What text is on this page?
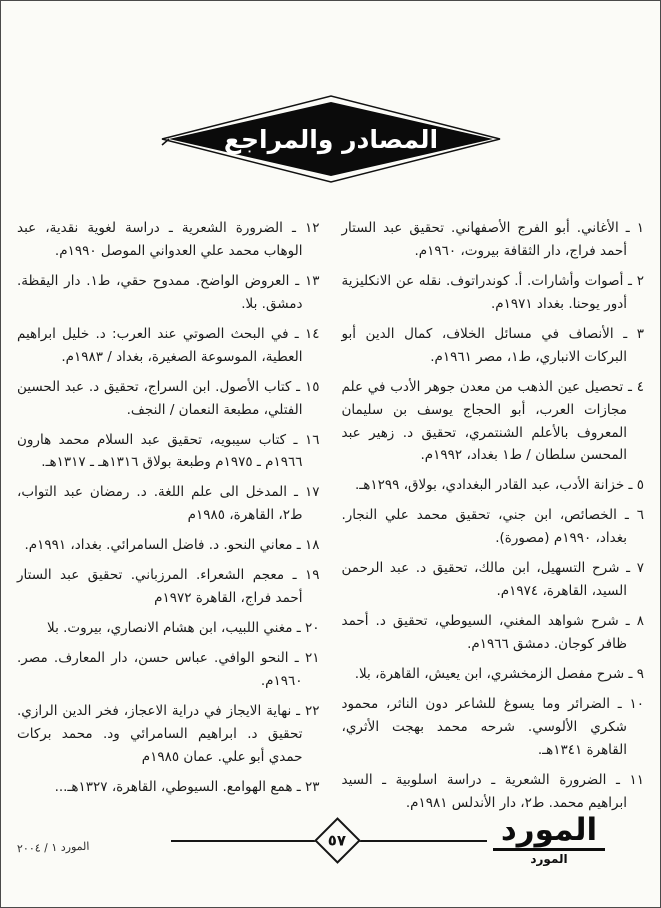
المصادر والمراجع

١ ـ الأغاني. أبو الفرج الأصفهاني. تحقيق عبد الستار أحمد فراج، دار الثقافة بيروت، ١٩٦٠م.

٢ ـ أصوات وأشارات. أ. كوندراتوف. نقله عن الانكليزية أدور يوحنا. بغداد ١٩٧١م.

٣ ـ الأنصاف في مسائل الخلاف، كمال الدين أبو البركات الانباري، ط١، مصر ١٩٦١م.

٤ ـ تحصيل عين الذهب من معدن جوهر الأدب في علم مجازات العرب، أبو الحجاج يوسف بن سليمان المعروف بالأعلم الشنتمري، تحقيق د. زهير عبد المحسن سلطان / ط١ بغداد، ١٩٩٢م.

٥ ـ خزانة الأدب، عبد القادر البغدادي، بولاق، ١٢٩٩هـ.

٦ ـ الخصائص، ابن جني، تحقيق محمد علي النجار. بغداد، ١٩٩٠م (مصورة).

٧ ـ شرح التسهيل، ابن مالك، تحقيق د. عبد الرحمن السيد، القاهرة، ١٩٧٤م.

٨ ـ شرح شواهد المغني، السيوطي، تحقيق د. أحمد ظافر كوجان. دمشق ١٩٦٦م.

٩ ـ شرح مفصل الزمخشري، ابن يعيش، القاهرة، بلا.

١٠ ـ الضرائر وما يسوغ للشاعر دون الناثر، محمود شكري الألوسي. شرحه محمد بهجت الأثري، القاهرة ١٣٤١هـ.

١١ ـ الضرورة الشعرية ـ دراسة اسلوبية ـ السيد ابراهيم محمد. ط٢، دار الأندلس ١٩٨١م.

١٢ ـ الضرورة الشعرية ـ دراسة لغوية نقدية، عبد الوهاب محمد علي العدواني الموصل ١٩٩٠م.

١٣ ـ العروض الواضح. ممدوح حقي، ط١. دار اليقظة. دمشق. بلا.

١٤ ـ في البحث الصوتي عند العرب: د. خليل ابراهيم العطية، الموسوعة الصغيرة، بغداد / ١٩٨٣م.

١٥ ـ كتاب الأصول. ابن السراج، تحقيق د. عبد الحسين الفتلي، مطبعة النعمان / النجف.

١٦ ـ كتاب سيبويه، تحقيق عبد السلام محمد هارون ١٩٦٦م ـ ١٩٧٥م وطبعة بولاق ١٣١٦هـ ـ ١٣١٧هـ.

١٧ ـ المدخل الى علم اللغة. د. رمضان عبد التواب، ط٢، القاهرة، ١٩٨٥م

١٨ ـ معاني النحو. د. فاضل السامرائي. بغداد، ١٩٩١م.

١٩ ـ معجم الشعراء. المرزباني. تحقيق عبد الستار أحمد فراج، القاهرة ١٩٧٢م

٢٠ ـ مغني اللبيب، ابن هشام الانصاري، بيروت. بلا

٢١ ـ النحو الوافي. عباس حسن، دار المعارف. مصر. ١٩٦٠م.

٢٢ ـ نهاية الايجاز في دراية الاعجاز، فخر الدين الرازي. تحقيق د. ابراهيم السامرائي ود. محمد بركات حمدي أبو علي. عمان ١٩٨٥م

٢٣ ـ همع الهوامع. السيوطي، القاهرة، ١٣٢٧هـ...

٥٧	المورد
المورد
المورد ١ / ٢٠٠٤
